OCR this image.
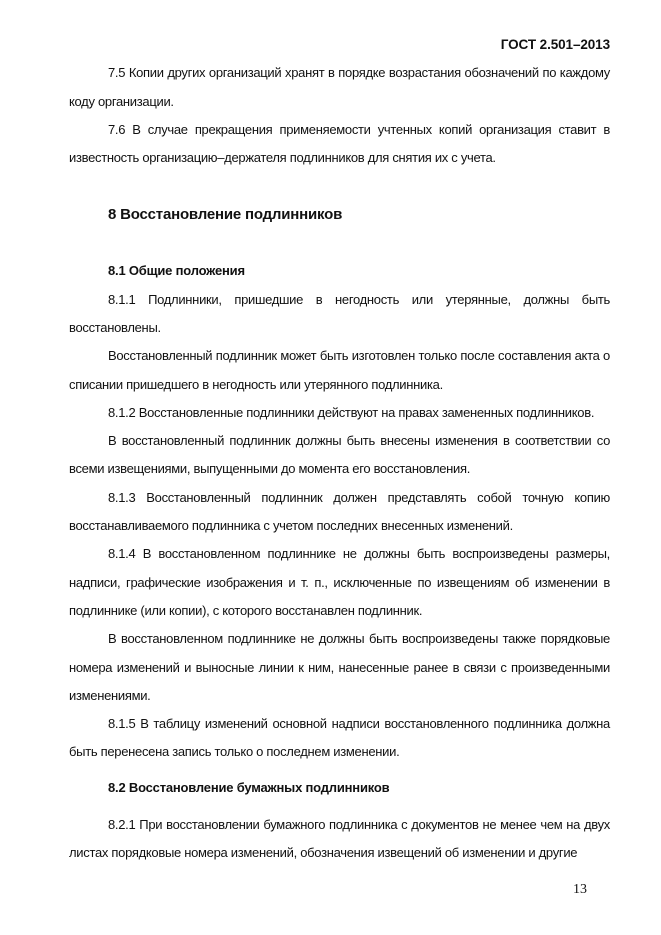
ГОСТ 2.501–2013

7.5 Копии других организаций хранят в порядке возрастания обозначений по каждому коду организации.

7.6 В случае прекращения применяемости учтенных копий организация ставит в известность организацию–держателя подлинников для снятия их с учета.

8 Восстановление подлинников
8.1 Общие положения

8.1.1 Подлинники, пришедшие в негодность или утерянные, должны быть восстановлены.

Восстановленный подлинник может быть изготовлен только после составления акта о списании пришедшего в негодность или утерянного подлинника.

8.1.2 Восстановленные подлинники действуют на правах замененных подлинников.

В восстановленный подлинник должны быть внесены изменения в соответствии со всеми извещениями, выпущенными до момента его восстановления.

8.1.3 Восстановленный подлинник должен представлять собой точную копию восстанавливаемого подлинника с учетом последних внесенных изменений.

8.1.4 В восстановленном подлиннике не должны быть воспроизведены размеры, надписи, графические изображения и т. п., исключенные по извещениям об изменении в подлиннике (или копии), с которого восстанавлен подлинник.

В восстановленном подлиннике не должны быть воспроизведены также порядковые номера изменений и выносные линии к ним, нанесенные ранее в связи с произведенными изменениями.

8.1.5 В таблицу изменений основной надписи восстановленного подлинника должна быть перенесена запись только о последнем изменении.

8.2 Восстановление бумажных подлинников

8.2.1 При восстановлении бумажного подлинника с документов не менее чем на двух листах порядковые номера изменений, обозначения извещений об изменении и другие

13
